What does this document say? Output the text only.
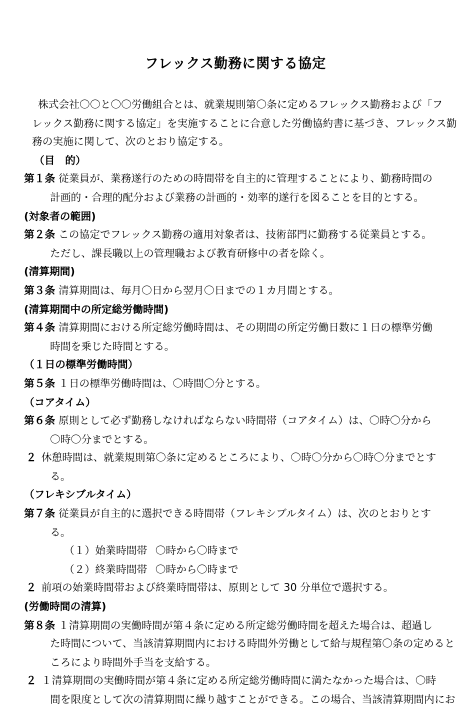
フレックス勤務に関する協定

株式会社〇〇と〇〇労働組合とは、就業規則第〇条に定めるフレックス勤務および「フ

レックス勤務に関する協定」を実施することに合意した労働協約書に基づき、フレックス勤

務の実施に関して、次のとおり協定する。

（目　的）

第１条 従業員が、業務遂行のための時間帯を自主的に管理することにより、勤務時間の

計画的・合理的配分および業務の計画的・効率的遂行を図ることを目的とする。

(対象者の範囲)

第２条 この協定でフレックス勤務の適用対象者は、技術部門に勤務する従業員とする。

ただし、課長職以上の管理職および教育研修中の者を除く。

(清算期間)

第３条 清算期間は、毎月〇日から翌月〇日までの１カ月間とする。

(清算期間中の所定総労働時間)

第４条 清算期間における所定総労働時間は、その期間の所定労働日数に１日の標準労働

時間を乗じた時間とする。

（１日の標準労働時間）

第５条 １日の標準労働時間は、〇時間〇分とする。

（コアタイム）

第６条 原則として必ず勤務しなければならない時間帯（コアタイム）は、〇時〇分から

〇時〇分までとする。

２ 休憩時間は、就業規則第〇条に定めるところにより、〇時〇分から〇時〇分までとす

る。

（フレキシブルタイム）

第７条 従業員が自主的に選択できる時間帯（フレキシブルタイム）は、次のとおりとす

る。

（１）始業時間帯 〇時から〇時まで

（２）終業時間帯 〇時から〇時まで

２ 前項の始業時間帯および終業時間帯は、原則として 30 分単位で選択する。

(労働時間の清算)

第８条 １清算期間の実働時間が第４条に定める所定総労働時間を超えた場合は、超過し

た時間について、当該清算期間内における時間外労働として給与規程第〇条の定めると

ころにより時間外手当を支給する。

２ １清算期間の実働時間が第４条に定める所定総労働時間に満たなかった場合は、〇時

間を限度として次の清算期間に繰り越すことができる。この場合、当該清算期間内にお
